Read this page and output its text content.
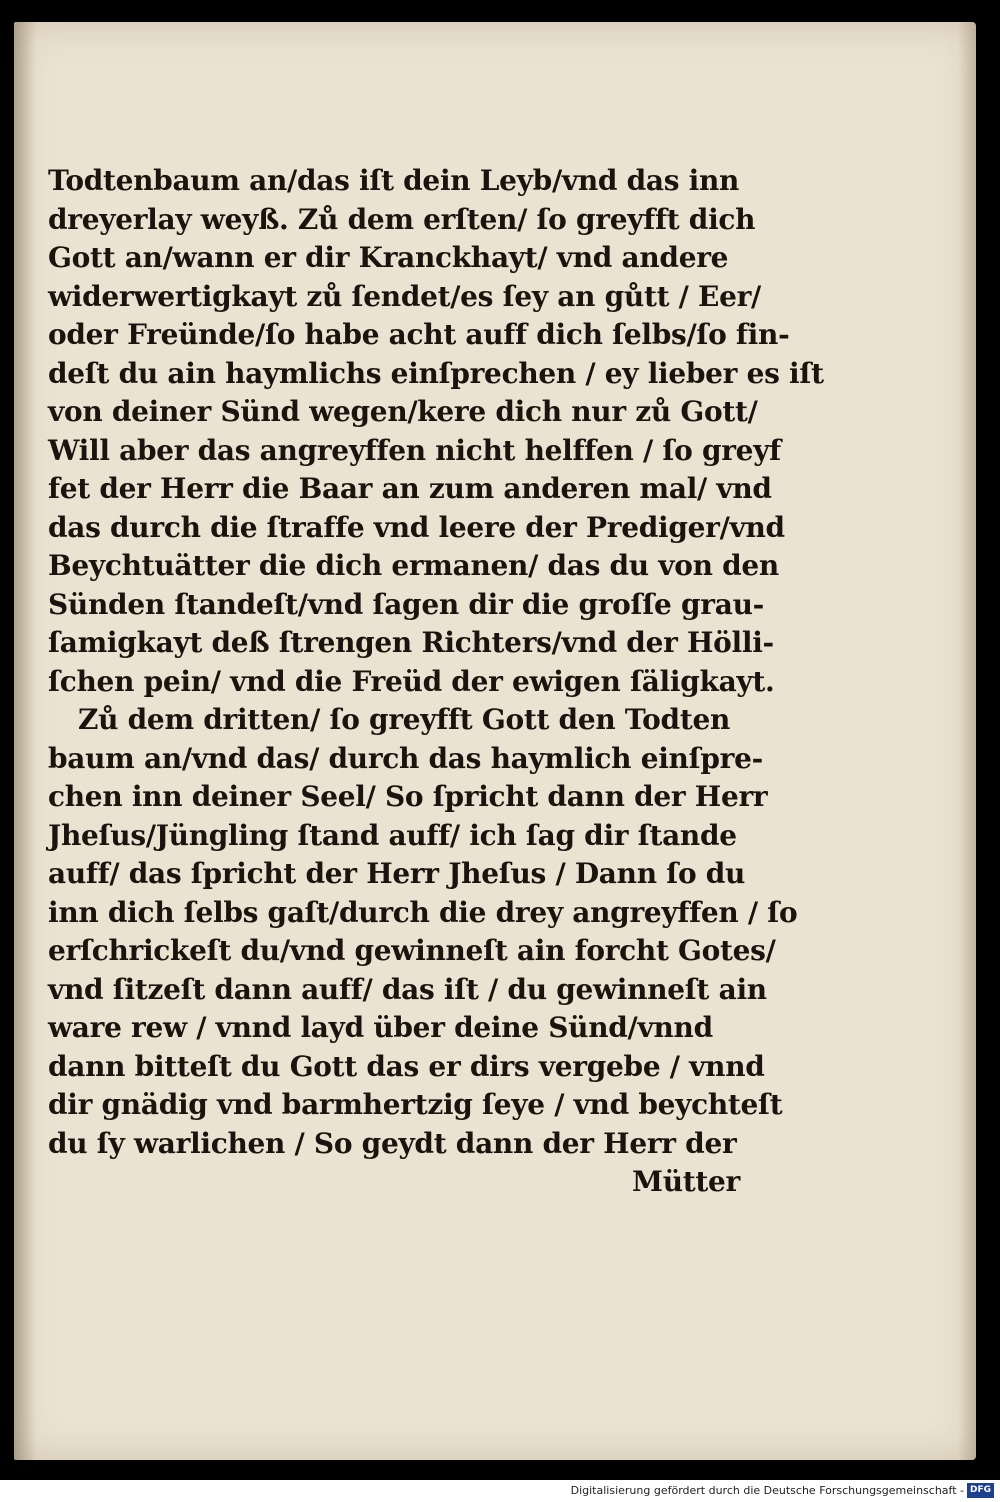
Todtenbaum an/das iſt dein Leyb/vnd das inn
dreyerlay weyß. Zů dem erſten/ ſo greyfft dich
Gott an/wann er dir Kranckhayt/ vnd andere
widerwertigkayt zů ſendet/es ſey an gůtt / Eer/
oder Freünde/ſo habe acht auff dich ſelbs/ſo fin-
deſt du ain haymlichs einſprechen / ey lieber es iſt
von deiner Sünd wegen/kere dich nur zů Gott/
Will aber das angreyffen nicht helffen / ſo greyf
fet der Herr die Baar an zum anderen mal/ vnd
das durch die ſtraffe vnd leere der Prediger/vnd
Beychtuätter die dich ermanen/ das du von den
Sünden ſtandeſt/vnd ſagen dir die groſſe grau-
ſamigkayt deß ſtrengen Richters/vnd der Hölli-
ſchen pein/ vnd die Freüd der ewigen ſäligkayt.
Zů dem dritten/ ſo greyfft Gott den Todten
baum an/vnd das/ durch das haymlich einſpre-
chen inn deiner Seel/ So ſpricht dann der Herr
Jheſus/Jüngling ſtand auff/ ich ſag dir ſtande
auff/ das ſpricht der Herr Jheſus / Dann ſo du
inn dich ſelbs gaſt/durch die drey angreyffen / ſo
erſchrickeſt du/vnd gewinneſt ain forcht Gotes/
vnd ſitzeſt dann auff/ das iſt / du gewinneſt ain
ware rew / vnnd layd über deine Sünd/vnnd
dann bitteſt du Gott das er dirs vergebe / vnnd
dir gnädig vnd barmhertzig ſeye / vnd beychteſt
du ſy warlichen / So geydt dann der Herr der
Mütter
Digitalisierung gefördert durch die Deutsche Forschungsgemeinschaft - DFG
